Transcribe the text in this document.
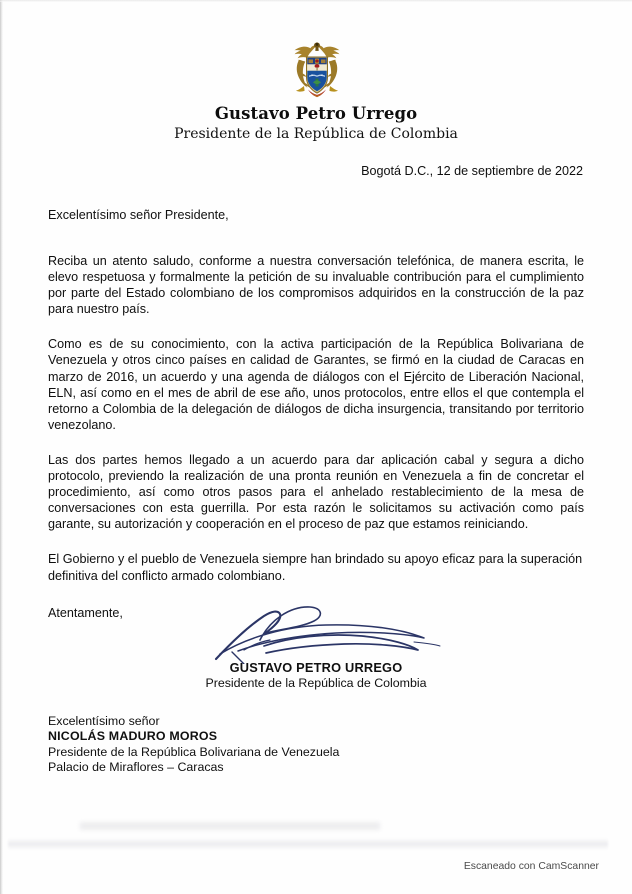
Gustavo Petro Urrego
Presidente de la República de Colombia
Bogotá D.C., 12 de septiembre de 2022
Excelentísimo señor Presidente,

Reciba un atento saludo, conforme a nuestra conversación telefónica, de manera escrita, le elevo respetuosa y formalmente la petición de su invaluable contribución para el cumplimiento por parte del Estado colombiano de los compromisos adquiridos en la construcción de la paz para nuestro país.

Como es de su conocimiento, con la activa participación de la República Bolivariana de Venezuela y otros cinco países en calidad de Garantes, se firmó en la ciudad de Caracas en marzo de 2016, un acuerdo y una agenda de diálogos con el Ejército de Liberación Nacional, ELN, así como en el mes de abril de ese año, unos protocolos, entre ellos el que contempla el retorno a Colombia de la delegación de diálogos de dicha insurgencia, transitando por territorio venezolano.

Las dos partes hemos llegado a un acuerdo para dar aplicación cabal y segura a dicho protocolo, previendo la realización de una pronta reunión en Venezuela a fin de concretar el procedimiento, así como otros pasos para el anhelado restablecimiento de la mesa de conversaciones con esta guerrilla. Por esta razón le solicitamos su activación como país garante, su autorización y cooperación en el proceso de paz que estamos reiniciando.

El Gobierno y el pueblo de Venezuela siempre han brindado su apoyo eficaz para la superación definitiva del conflicto armado colombiano.

Atentamente,
GUSTAVO PETRO URREGO
Presidente de la República de Colombia
Excelentísimo señor
NICOLÁS MADURO MOROS
Presidente de la República Bolivariana de Venezuela
Palacio de Miraflores – Caracas
Escaneado con CamScanner
